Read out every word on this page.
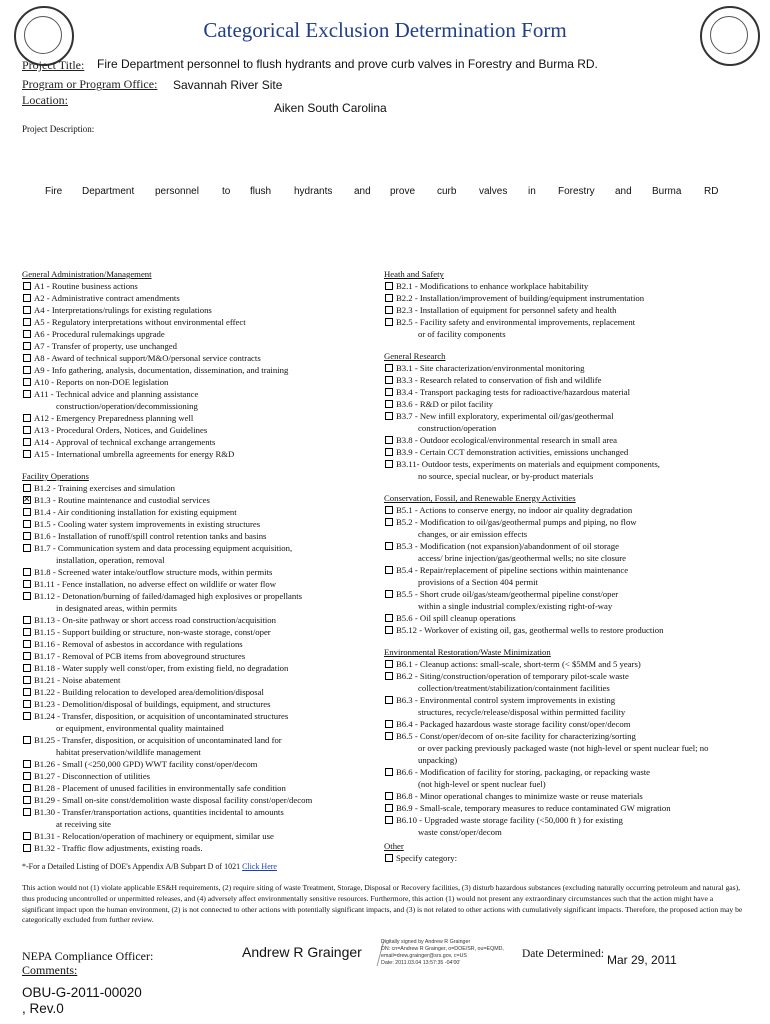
Categorical Exclusion Determination Form
Project Title: Fire Department personnel to flush hydrants and prove curb valves in Forestry and Burma RD.
Program or Program Office: Savannah River Site
Location:
Aiken South Carolina
Project Description:
Fire Department personnel to flush hydrants and prove curb valves in Forestry and Burma RD
General Administration/Management
A1 - Routine business actions
A2 - Administrative contract amendments
A4 - Interpretations/rulings for existing regulations
A5 - Regulatory interpretations without environmental effect
A6 - Procedural rulemakings upgrade
A7 - Transfer of property, use unchanged
A8 - Award of technical support/M&O/personal service contracts
A9 - Info gathering, analysis, documentation, dissemination, and training
A10 - Reports on non-DOE legislation
A11 - Technical advice and planning assistance
construction/operation/decommissioning
A12 - Emergency Preparedness planning well
A13 - Procedural Orders, Notices, and Guidelines
A14 - Approval of technical exchange arrangements
A15 - International umbrella agreements for energy R&D
Facility Operations
B1.2 - Training exercises and simulation
✕
B1.3 - Routine maintenance and custodial services
B1.4 - Air conditioning installation for existing equipment
B1.5 - Cooling water system improvements in existing structures
B1.6 - Installation of runoff/spill control retention tanks and basins
B1.7 - Communication system and data processing equipment acquisition,
installation, operation, removal
B1.8 - Screened water intake/outflow structure mods, within permits
B1.11 - Fence installation, no adverse effect on wildlife or water flow
B1.12 - Detonation/burning of failed/damaged high explosives or propellants
in designated areas, within permits
B1.13 - On-site pathway or short access road construction/acquisition
B1.15 - Support building or structure, non-waste storage, const/oper
B1.16 - Removal of asbestos in accordance with regulations
B1.17 - Removal of PCB items from aboveground structures
B1.18 - Water supply well const/oper, from existing field, no degradation
B1.21 - Noise abatement
B1.22 - Building relocation to developed area/demolition/disposal
B1.23 - Demolition/disposal of buildings, equipment, and structures
B1.24 - Transfer, disposition, or acquisition of uncontaminated structures
or equipment, environmental quality maintained
B1.25 - Transfer, disposition, or acquisition of uncontaminated land for
habitat preservation/wildlife management
B1.26 - Small (<250,000 GPD) WWT facility const/oper/decom
B1.27 - Disconnection of utilities
B1.28 - Placement of unused facilities in environmentally safe condition
B1.29 - Small on-site const/demolition waste disposal facility const/oper/decom
B1.30 - Transfer/transportation actions, quantities incidental to amounts
at receiving site
B1.31 - Relocation/operation of machinery or equipment, similar use
B1.32 - Traffic flow adjustments, existing roads.
Heath and Safety
B2.1 - Modifications to enhance workplace habitability
B2.2 - Installation/improvement of building/equipment instrumentation
B2.3 - Installation of equipment for personnel safety and health
B2.5 - Facility safety and environmental improvements, replacement
or of facility components
General Research
B3.1 - Site characterization/environmental monitoring
B3.3 - Research related to conservation of fish and wildlife
B3.4 - Transport packaging tests for radioactive/hazardous material
B3.6 - R&D or pilot facility
B3.7 - New infill exploratory, experimental oil/gas/geothermal
construction/operation
B3.8 - Outdoor ecological/environmental research in small area
B3.9 - Certain CCT demonstration activities, emissions unchanged
B3.11- Outdoor tests, experiments on materials and equipment components,
no source, special nuclear, or by-product materials
Conservation, Fossil, and Renewable Energy Activities
B5.1 - Actions to conserve energy, no indoor air quality degradation
B5.2 - Modification to oil/gas/geothermal pumps and piping, no flow
changes, or air emission effects
B5.3 - Modification (not expansion)/abandonment of oil storage
access/ brine injection/gas/geothermal wells; no site closure
B5.4 - Repair/replacement of pipeline sections within maintenance
provisions of a Section 404 permit
B5.5 - Short crude oil/gas/steam/geothermal pipeline const/oper
within a single industrial complex/existing right-of-way
B5.6 - Oil spill cleanup operations
B5.12 - Workover of existing oil, gas, geothermal wells to restore production
Environmental Restoration/Waste Minimization
B6.1 - Cleanup actions: small-scale, short-term (< $5MM and 5 years)
B6.2 - Siting/construction/operation of temporary pilot-scale waste
collection/treatment/stabilization/containment facilities
B6.3 - Environmental control system improvements in existing
structures, recycle/release/disposal within permitted facility
B6.4 - Packaged hazardous waste storage facility const/oper/decom
B6.5 - Const/oper/decom of on-site facility for characterizing/sorting
or over packing previously packaged waste (not high-level or spent nuclear fuel; no unpacking)
B6.6 - Modification of facility for storing, packaging, or repacking waste
(not high-level or spent nuclear fuel)
B6.8 - Minor operational changes to minimize waste or reuse materials
B6.9 - Small-scale, temporary measures to reduce contaminated GW migration
B6.10 - Upgraded waste storage facility (<50,000 ft ) for existing
waste const/oper/decom
Other
Specify category:
*-For a Detailed Listing of DOE's Appendix A/B Subpart D of 1021 Click Here
This action would not (1) violate applicable ES&H requirements, (2) require siting of waste Treatment, Storage, Disposal or Recovery facilities, (3) disturb hazardous substances (excluding naturally occurring petroleum and natural gas), thus producing uncontrolled or unpermitted releases, and (4) adversely affect environmentally sensitive resources. Furthermore, this action (1) would not present any extraordinary circumstances such that the action might have a significant impact upon the human environment, (2) is not connected to other actions with potentially significant impacts, and (3) is not related to other actions with cumulatively significant impacts. Therefore, the proposed action may be categorically excluded from further review.
NEPA Compliance Officer:
Comments:
Andrew R Grainger
Digitally signed by Andrew R Grainger
DN: cn=Andrew R Grainger, o=DOE/SR, ou=EQMD,
email=drew.grainger@srs.gov, c=US
Date: 2011.03.04 13:57:35 -04'00'
Date Determined: Mar 29, 2011
OBU-G-2011-00020
, Rev.0
